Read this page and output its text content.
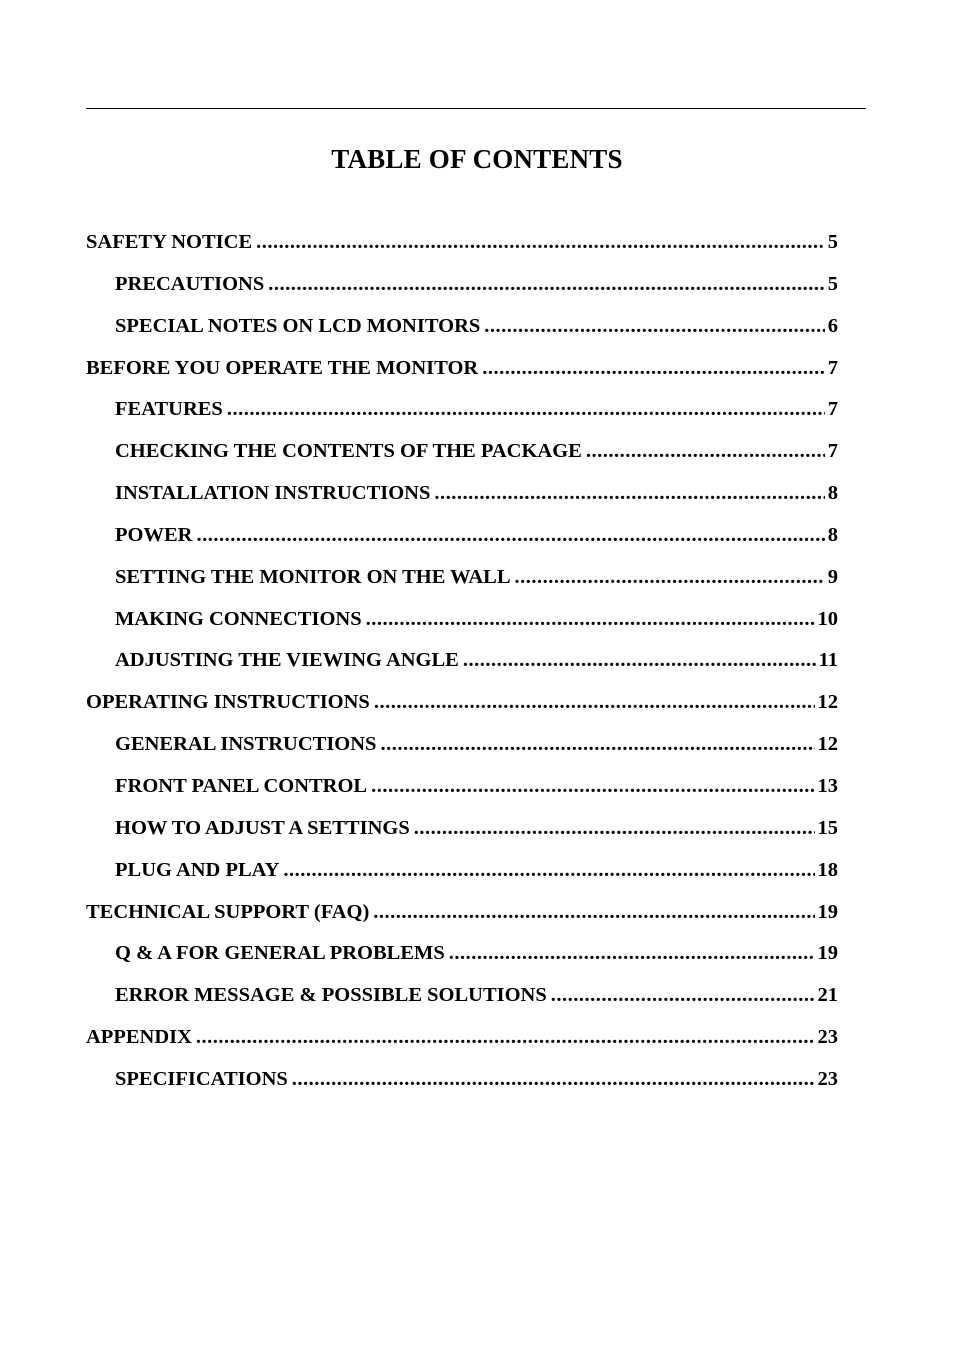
TABLE OF CONTENTS
SAFETY NOTICE .....	5
PRECAUTIONS .....	5
SPECIAL NOTES ON LCD MONITORS .....	6
BEFORE YOU OPERATE THE MONITOR .....	7
FEATURES .....	7
CHECKING THE CONTENTS OF THE PACKAGE .....	7
INSTALLATION INSTRUCTIONS .....	8
POWER .....	8
SETTING THE MONITOR ON THE WALL .....	9
MAKING CONNECTIONS .....	10
ADJUSTING THE VIEWING ANGLE .....	11
OPERATING INSTRUCTIONS .....	12
GENERAL INSTRUCTIONS .....	12
FRONT PANEL CONTROL .....	13
HOW TO ADJUST A SETTINGS .....	15
PLUG AND PLAY .....	18
TECHNICAL SUPPORT (FAQ) .....	19
Q & A FOR GENERAL PROBLEMS .....	19
ERROR MESSAGE & POSSIBLE SOLUTIONS .....	21
APPENDIX .....	23
SPECIFICATIONS .....	23
